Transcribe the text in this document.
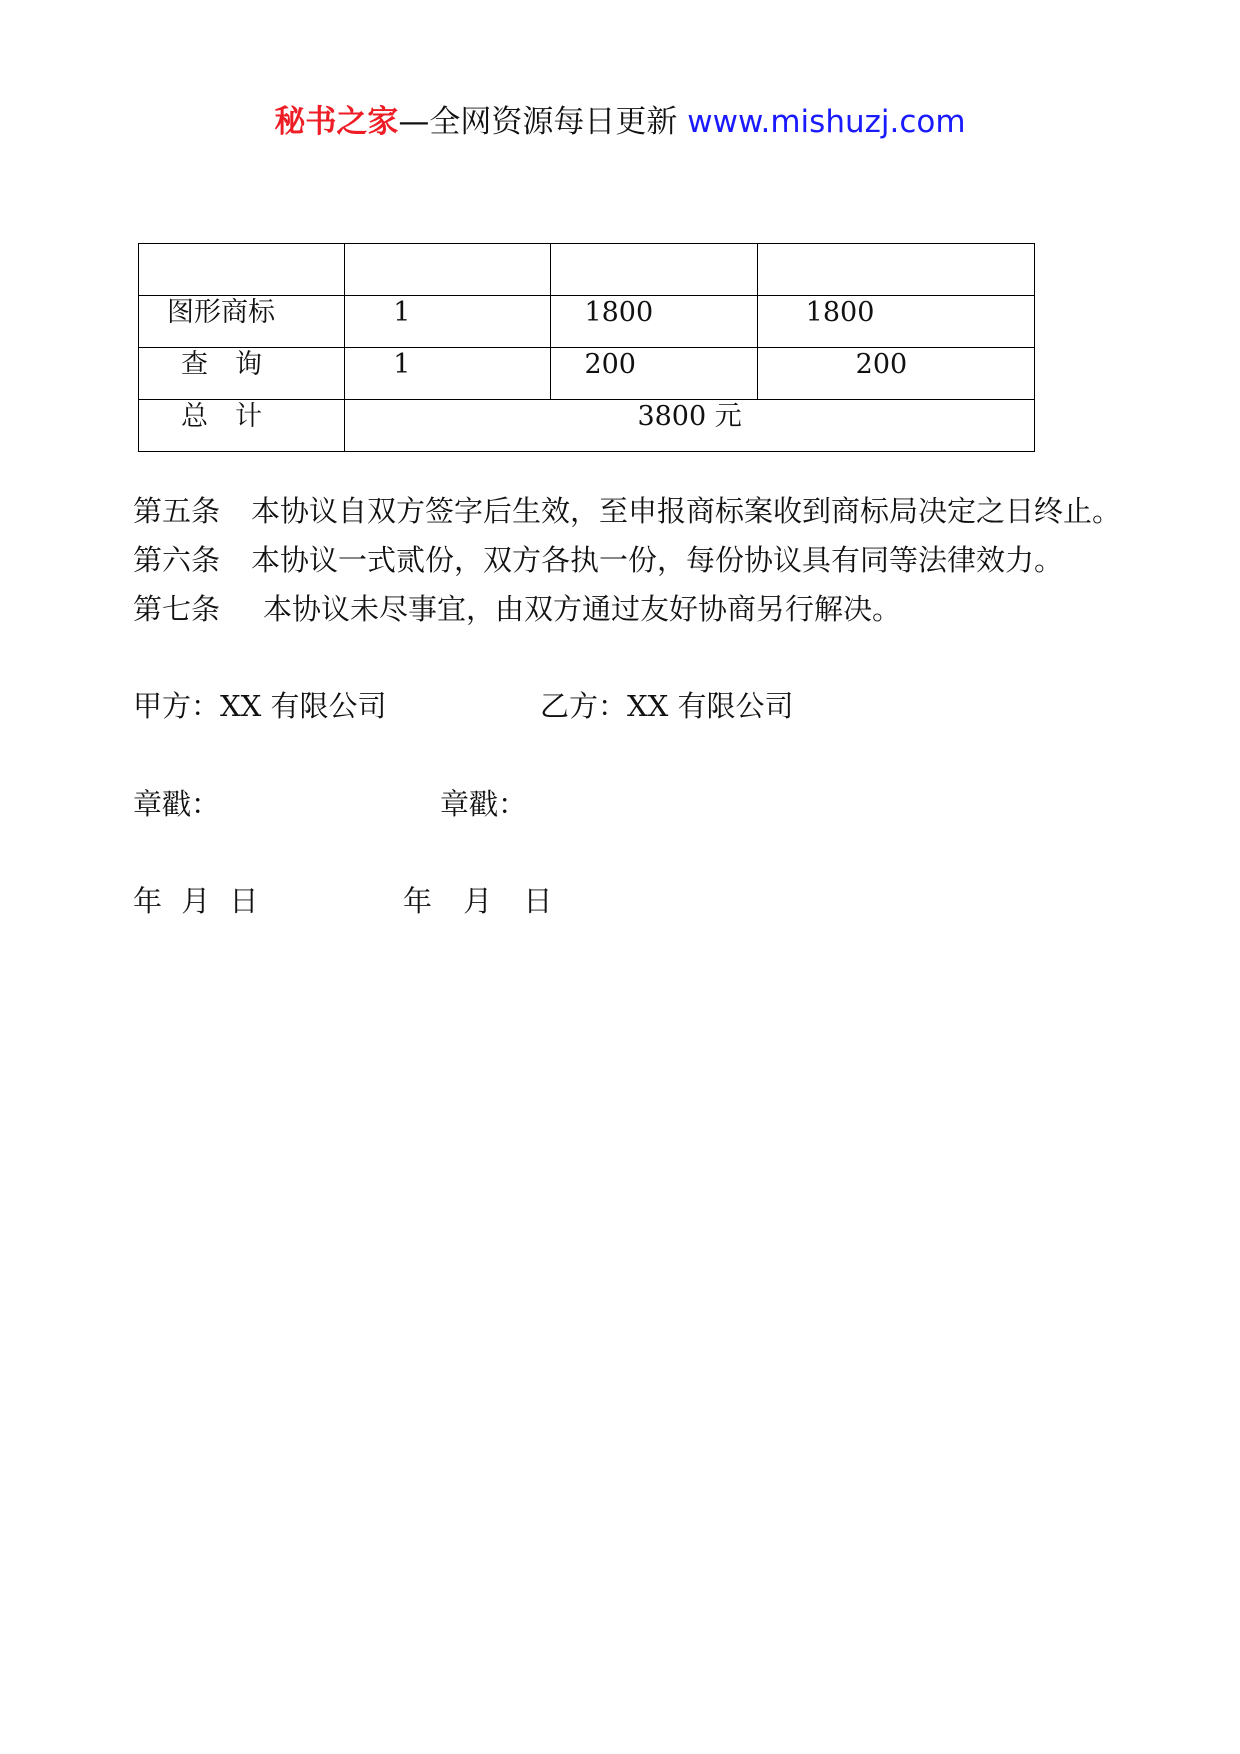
秘书之家—全网资源每日更新 www.mishuzj.com

图形商标	1	1800	1800
查　询	1	200	200
总　计	3800 元		
第五条 本协议自双方签字后生效，至申报商标案收到商标局决定之日终止。
第六条 本协议一式贰份，双方各执一份，每份协议具有同等法律效力。
第七条 本协议未尽事宜，由双方通过友好协商另行解决。
甲方：XX 有限公司	乙方：XX 有限公司
章戳：	章戳：
年 月 日	年 月 日
